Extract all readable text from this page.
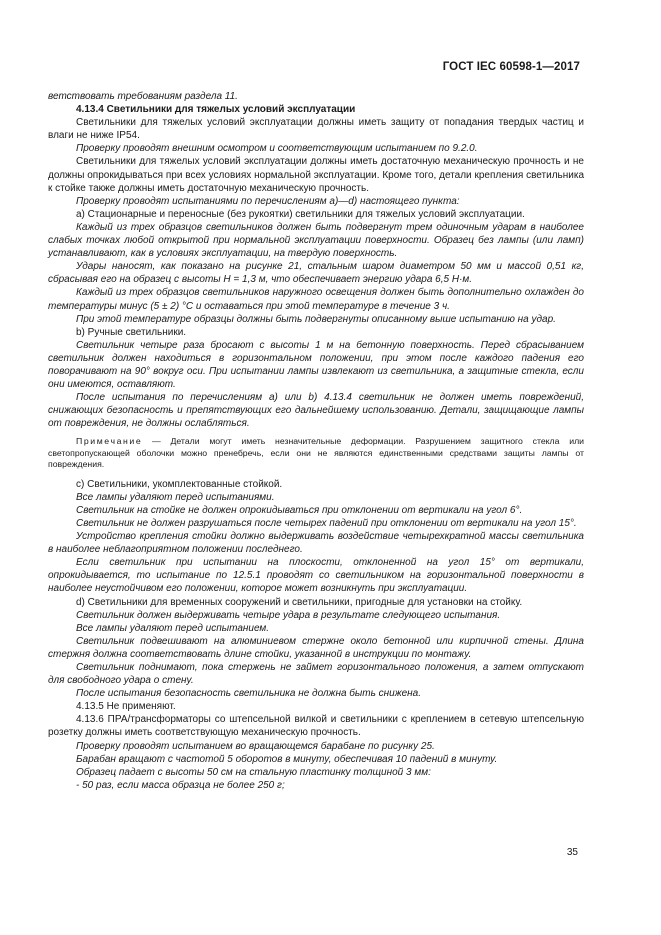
ГОСТ IEC 60598-1—2017

ветствовать требованиям раздела 11.

4.13.4 Светильники для тяжелых условий эксплуатации

Светильники для тяжелых условий эксплуатации должны иметь защиту от попадания твердых частиц и влаги не ниже IP54.

Проверку проводят внешним осмотром и соответствующим испытанием по 9.2.0.

Светильники для тяжелых условий эксплуатации должны иметь достаточную механическую прочность и не должны опрокидываться при всех условиях нормальной эксплуатации. Кроме того, детали крепления светильника к стойке также должны иметь достаточную механическую прочность.

Проверку проводят испытаниями по перечислениям а)—d) настоящего пункта:

а) Стационарные и переносные (без рукоятки) светильники для тяжелых условий эксплуатации.

Каждый из трех образцов светильников должен быть подвергнут трем одиночным ударам в наиболее слабых точках любой открытой при нормальной эксплуатации поверхности. Образец без лампы (или ламп) устанавливают, как в условиях эксплуатации, на твердую поверхность.

Удары наносят, как показано на рисунке 21, стальным шаром диаметром 50 мм и массой 0,51 кг, сбрасывая его на образец с высоты H = 1,3 м, что обеспечивает энергию удара 6,5 Н·м.

Каждый из трех образцов светильников наружного освещения должен быть дополнительно охлажден до температуры минус (5 ± 2) °С и оставаться при этой температуре в течение 3 ч.

При этой температуре образцы должны быть подвергнуты описанному выше испытанию на удар.

b) Ручные светильники.

Светильник четыре раза бросают с высоты 1 м на бетонную поверхность. Перед сбрасыванием светильник должен находиться в горизонтальном положении, при этом после каждого падения его поворачивают на 90° вокруг оси. При испытании лампы извлекают из светильника, а защитные стекла, если они имеются, оставляют.

После испытания по перечислениям а) или b) 4.13.4 светильник не должен иметь повреждений, снижающих безопасность и препятствующих его дальнейшему использованию. Детали, защищающие лампы от повреждения, не должны ослабляться.

Примечание — Детали могут иметь незначительные деформации. Разрушением защитного стекла или светопропускающей оболочки можно пренебречь, если они не являются единственными средствами защиты лампы от повреждения.

c) Светильники, укомплектованные стойкой.

Все лампы удаляют перед испытаниями.

Светильник на стойке не должен опрокидываться при отклонении от вертикали на угол 6°.

Светильник не должен разрушаться после четырех падений при отклонении от вертикали на угол 15°.

Устройство крепления стойки должно выдерживать воздействие четырехкратной массы светильника в наиболее неблагоприятном положении последнего.

Если светильник при испытании на плоскости, отклоненной на угол 15° от вертикали, опрокидывается, то испытание по 12.5.1 проводят со светильником на горизонтальной поверхности в наиболее неустойчивом его положении, которое может возникнуть при эксплуатации.

d) Светильники для временных сооружений и светильники, пригодные для установки на стойку.

Светильник должен выдерживать четыре удара в результате следующего испытания.

Все лампы удаляют перед испытанием.

Светильник подвешивают на алюминиевом стержне около бетонной или кирпичной стены. Длина стержня должна соответствовать длине стойки, указанной в инструкции по монтажу.

Светильник поднимают, пока стержень не займет горизонтального положения, а затем отпускают для свободного удара о стену.

После испытания безопасность светильника не должна быть снижена.

4.13.5 Не применяют.

4.13.6 ПРА/трансформаторы со штепсельной вилкой и светильники с креплением в сетевую штепсельную розетку должны иметь соответствующую механическую прочность.

Проверку проводят испытанием во вращающемся барабане по рисунку 25.

Барабан вращают с частотой 5 оборотов в минуту, обеспечивая 10 падений в минуту.

Образец падает с высоты 50 см на стальную пластинку толщиной 3 мм:

- 50 раз, если масса образца не более 250 г;

35
